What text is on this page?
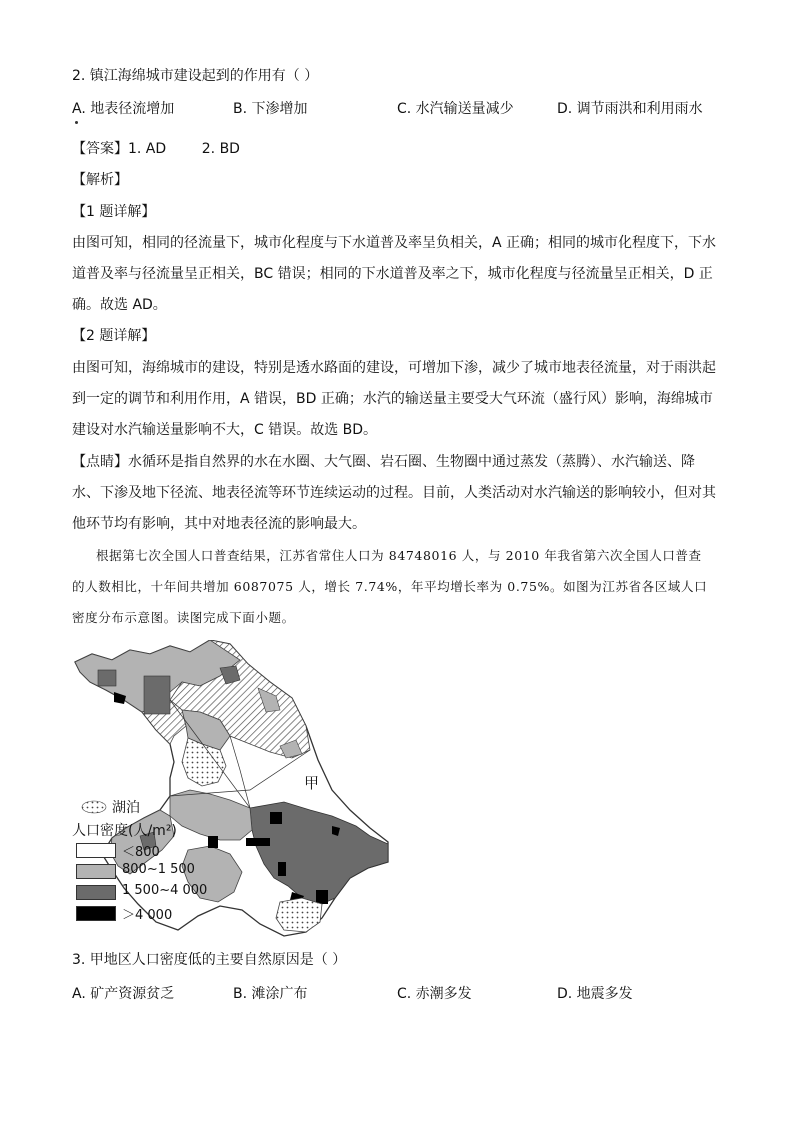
2. 镇江海绵城市建设起到的作用有（ ）
A. 地表径流增加	B. 下渗增加	C. 水汽输送量减少	D. 调节雨洪和利用雨水
【答案】1. AD        2. BD
【解析】
【1 题详解】
由图可知，相同的径流量下，城市化程度与下水道普及率呈负相关，A 正确；相同的城市化程度下，下水
道普及率与径流量呈正相关，BC 错误；相同的下水道普及率之下，城市化程度与径流量呈正相关，D 正
确。故选 AD。
【2 题详解】
由图可知，海绵城市的建设，特别是透水路面的建设，可增加下渗，减少了城市地表径流量，对于雨洪起
到一定的调节和利用作用，A 错误，BD 正确；水汽的输送量主要受大气环流（盛行风）影响，海绵城市
建设对水汽输送量影响不大，C 错误。故选 BD。
【点睛】水循环是指自然界的水在水圈、大气圈、岩石圈、生物圈中通过蒸发（蒸腾）、水汽输送、降
水、下渗及地下径流、地表径流等环节连续运动的过程。目前，人类活动对水汽输送的影响较小，但对其
他环节均有影响，其中对地表径流的影响最大。
根据第七次全国人口普查结果，江苏省常住人口为 84748016 人，与 2010 年我省第六次全国人口普查
的人数相比，十年间共增加 6087075 人，增长 7.74%，年平均增长率为 0.75%。如图为江苏省各区域人口
密度分布示意图。读图完成下面小题。
甲
湖泊
人口密度(人/m²)
＜800
800~1 500
1 500~4 000
＞4 000
3. 甲地区人口密度低的主要自然原因是（ ）
A. 矿产资源贫乏	B. 滩涂广布	C. 赤潮多发	D. 地震多发
